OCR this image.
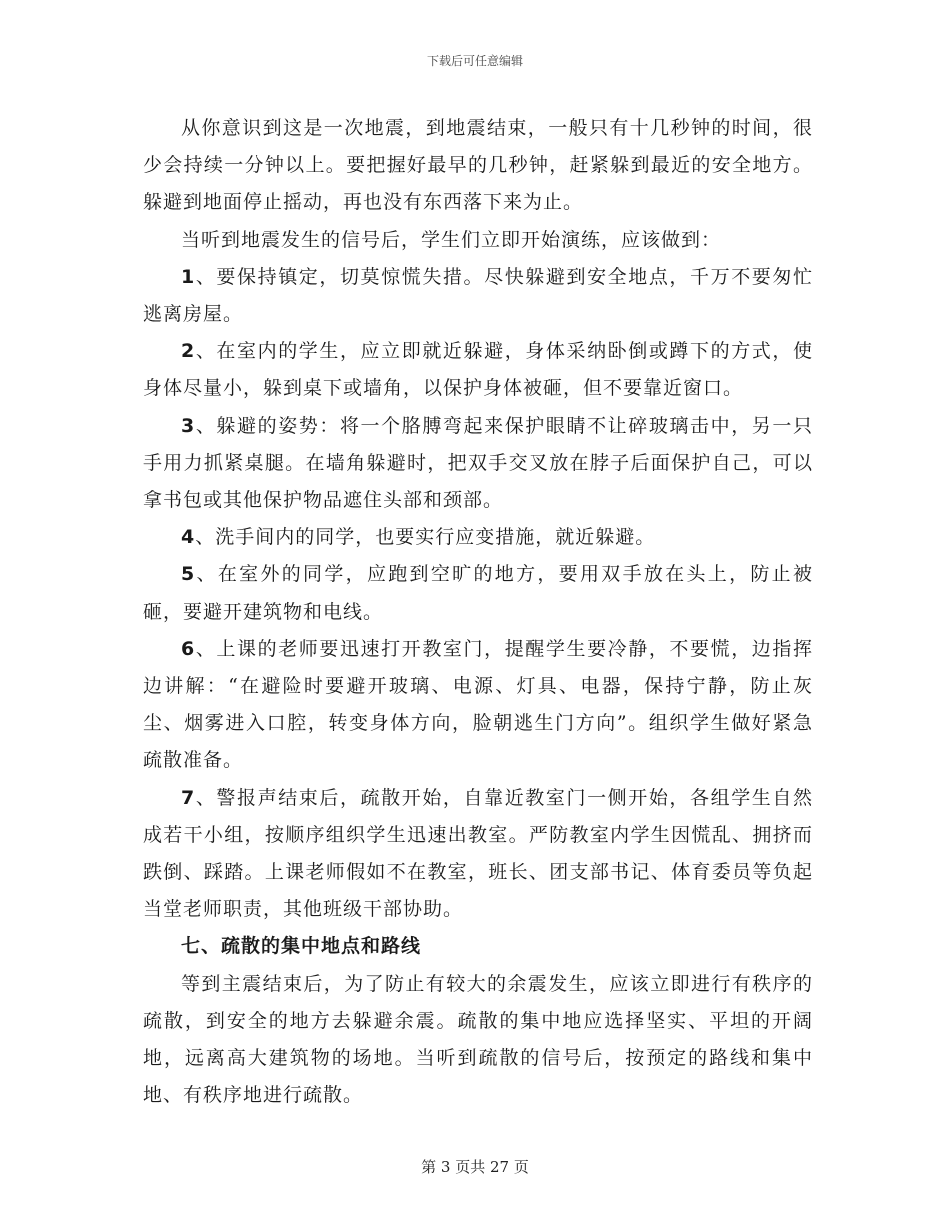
下载后可任意编辑

从你意识到这是一次地震，到地震结束，一般只有十几秒钟的时间，很少会持续一分钟以上。要把握好最早的几秒钟，赶紧躲到最近的安全地方。躲避到地面停止摇动，再也没有东西落下来为止。

当听到地震发生的信号后，学生们立即开始演练，应该做到：

1、要保持镇定，切莫惊慌失措。尽快躲避到安全地点，千万不要匆忙逃离房屋。

2、在室内的学生，应立即就近躲避，身体采纳卧倒或蹲下的方式，使身体尽量小，躲到桌下或墙角，以保护身体被砸，但不要靠近窗口。

3、躲避的姿势：将一个胳膊弯起来保护眼睛不让碎玻璃击中，另一只手用力抓紧桌腿。在墙角躲避时，把双手交叉放在脖子后面保护自己，可以拿书包或其他保护物品遮住头部和颈部。

4、洗手间内的同学，也要实行应变措施，就近躲避。

5、在室外的同学，应跑到空旷的地方，要用双手放在头上，防止被砸，要避开建筑物和电线。

6、上课的老师要迅速打开教室门，提醒学生要冷静，不要慌，边指挥边讲解：“在避险时要避开玻璃、电源、灯具、电器，保持宁静，防止灰尘、烟雾进入口腔，转变身体方向，脸朝逃生门方向”。组织学生做好紧急疏散准备。

7、警报声结束后，疏散开始，自靠近教室门一侧开始，各组学生自然成若干小组，按顺序组织学生迅速出教室。严防教室内学生因慌乱、拥挤而跌倒、踩踏。上课老师假如不在教室，班长、团支部书记、体育委员等负起当堂老师职责，其他班级干部协助。

七、疏散的集中地点和路线

等到主震结束后，为了防止有较大的余震发生，应该立即进行有秩序的疏散，到安全的地方去躲避余震。疏散的集中地应选择坚实、平坦的开阔地，远离高大建筑物的场地。当听到疏散的信号后，按预定的路线和集中地、有秩序地进行疏散。

第 3 页共 27 页
